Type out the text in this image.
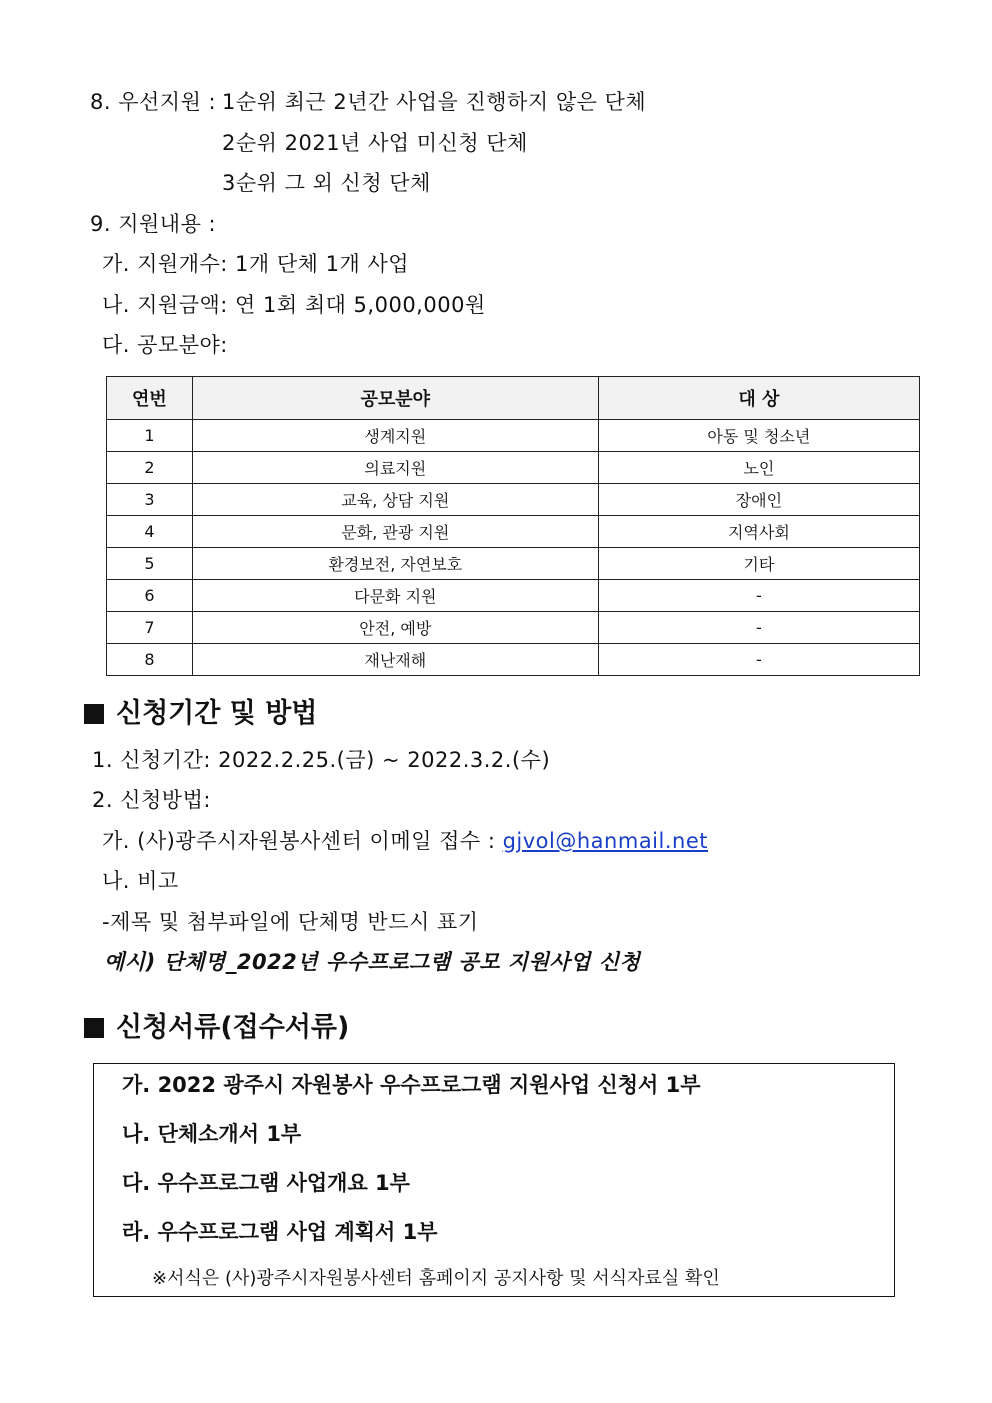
8. 우선지원 : 1순위 최근 2년간 사업을 진행하지 않은 단체
2순위 2021년 사업 미신청 단체
3순위 그 외 신청 단체
9. 지원내용 :
가. 지원개수: 1개 단체 1개 사업
나. 지원금액: 연 1회 최대 5,000,000원
다. 공모분야:
연번	공모분야	대 상
1	생계지원	아동 및 청소년
2	의료지원	노인
3	교육, 상담 지원	장애인
4	문화, 관광 지원	지역사회
5	환경보전, 자연보호	기타
6	다문화 지원	-
7	안전, 예방	-
8	재난재해	-
신청기간 및 방법
1. 신청기간: 2022.2.25.(금) ~ 2022.3.2.(수)
2. 신청방법:
가. (사)광주시자원봉사센터 이메일 접수 : gjvol@hanmail.net
나. 비고
-제목 및 첨부파일에 단체명 반드시 표기
예시) 단체명_2022년 우수프로그램 공모 지원사업 신청
신청서류(접수서류)
가. 2022 광주시 자원봉사 우수프로그램 지원사업 신청서 1부
나. 단체소개서 1부
다. 우수프로그램 사업개요 1부
라. 우수프로그램 사업 계획서 1부
※서식은 (사)광주시자원봉사센터 홈페이지 공지사항 및 서식자료실 확인
